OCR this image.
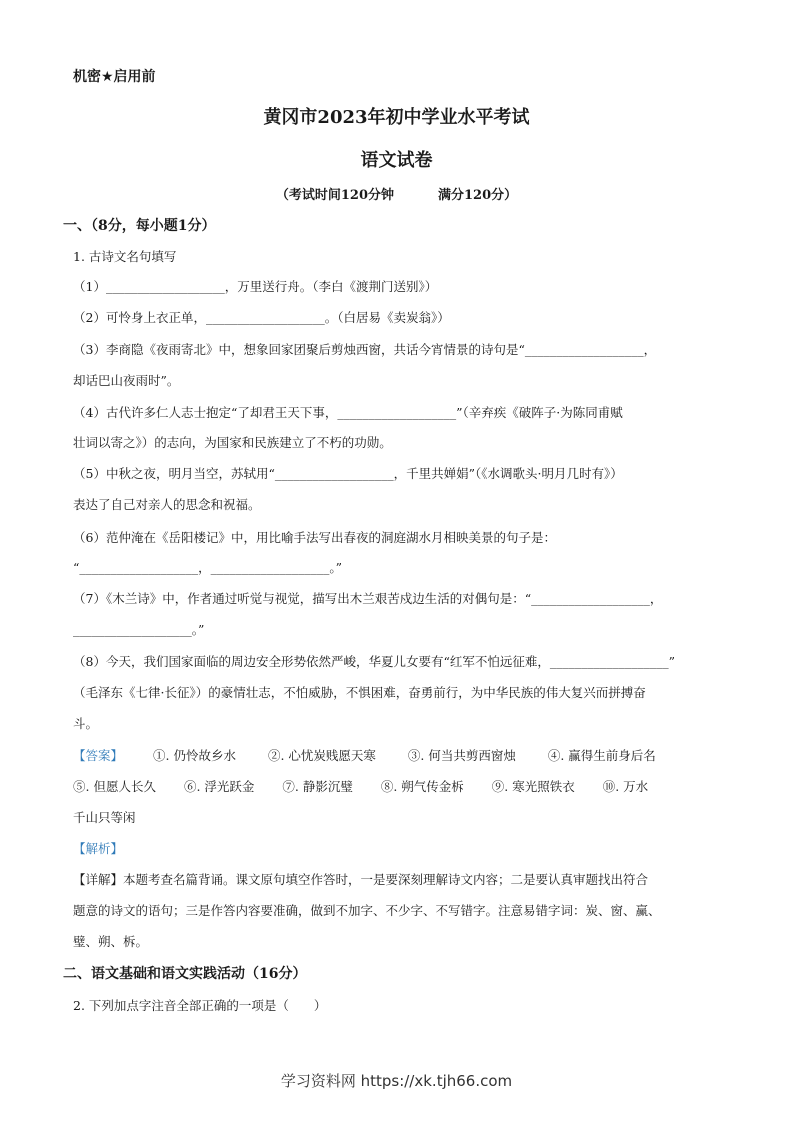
机密★启用前
黄冈市2023年初中学业水平考试
语文试卷
（考试时间120分钟	满分120分）
一、（8分，每小题1分）
1. 古诗文名句填写
（1）___________________，万里送行舟。（李白《渡荆门送别》）
（2）可怜身上衣正单，___________________。（白居易《卖炭翁》）
（3）李商隐《夜雨寄北》中，想象回家团聚后剪烛西窗，共话今宵情景的诗句是“___________________，
却话巴山夜雨时”。
（4）古代许多仁人志士抱定“了却君王天下事，___________________”（辛弃疾《破阵子·为陈同甫赋
壮词以寄之》）的志向，为国家和民族建立了不朽的功勋。
（5）中秋之夜，明月当空，苏轼用“___________________，千里共婵娟”（《水调歌头·明月几时有》）
表达了自己对亲人的思念和祝福。
（6）范仲淹在《岳阳楼记》中，用比喻手法写出春夜的洞庭湖水月相映美景的句子是：
“___________________，___________________。”
（7）《木兰诗》中，作者通过听觉与视觉，描写出木兰艰苦戍边生活的对偶句是：“___________________，
___________________。”
（8）今天，我们国家面临的周边安全形势依然严峻，华夏儿女要有“红军不怕远征难，___________________”
（毛泽东《七律·长征》）的豪情壮志，不怕威胁，不惧困难，奋勇前行，为中华民族的伟大复兴而拼搏奋
斗。
【答案】 ①. 仍怜故乡水	②. 心忧炭贱愿天寒	③. 何当共剪西窗烛	④. 赢得生前身后名
⑤. 但愿人长久 ⑥. 浮光跃金 ⑦. 静影沉璧 ⑧. 朔气传金柝 ⑨. 寒光照铁衣 ⑩. 万水
千山只等闲
【解析】
【详解】本题考查名篇背诵。课文原句填空作答时，一是要深刻理解诗文内容；二是要认真审题找出符合
题意的诗文的语句；三是作答内容要准确，做到不加字、不少字、不写错字。注意易错字词：炭、窗、赢、
璧、朔、柝。
二、语文基础和语文实践活动（16分）
2. 下列加点字注音全部正确的一项是（　　）
学习资料网 https://xk.tjh66.com
